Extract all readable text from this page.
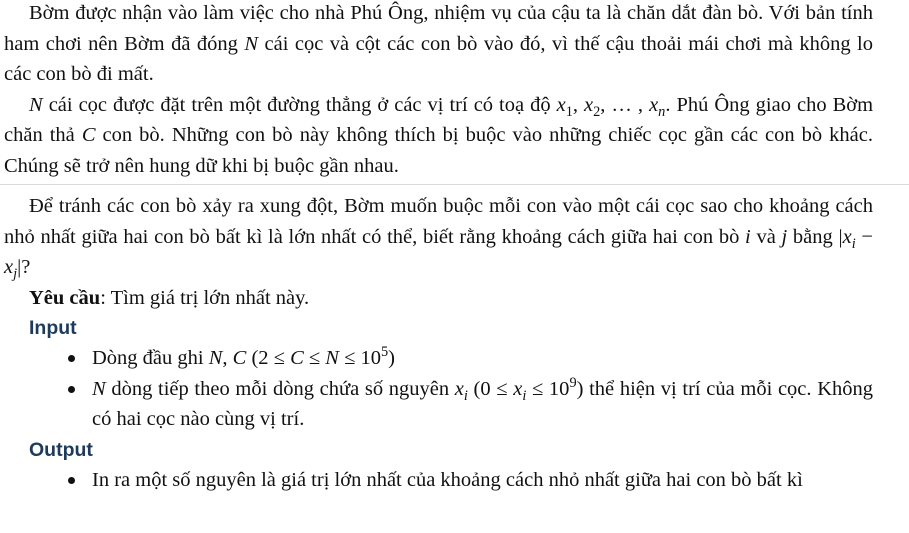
Bờm được nhận vào làm việc cho nhà Phú Ông, nhiệm vụ của cậu ta là chăn dắt đàn bò. Với bản tính ham chơi nên Bờm đã đóng N cái cọc và cột các con bò vào đó, vì thế cậu thoải mái chơi mà không lo các con bò đi mất.

N cái cọc được đặt trên một đường thẳng ở các vị trí có toạ độ $x_1$, $x_2$, … , $x_n$. Phú Ông giao cho Bờm chăn thả C con bò. Những con bò này không thích bị buộc vào những chiếc cọc gần các con bò khác. Chúng sẽ trở nên hung dữ khi bị buộc gần nhau.

Để tránh các con bò xảy ra xung đột, Bờm muốn buộc mỗi con vào một cái cọc sao cho khoảng cách nhỏ nhất giữa hai con bò bất kì là lớn nhất có thể, biết rằng khoảng cách giữa hai con bò i và j bằng $|x_i - x_j|$?

Yêu cầu: Tìm giá trị lớn nhất này.
Input
Dòng đầu ghi N, C $(2 \le C \le N \le 10^5)$
N dòng tiếp theo mỗi dòng chứa số nguyên $x_i$ $(0 \le x_i \le 10^9)$ thể hiện vị trí của mỗi cọc. Không có hai cọc nào cùng vị trí.
Output
In ra một số nguyên là giá trị lớn nhất của khoảng cách nhỏ nhất giữa hai con bò bất kì
